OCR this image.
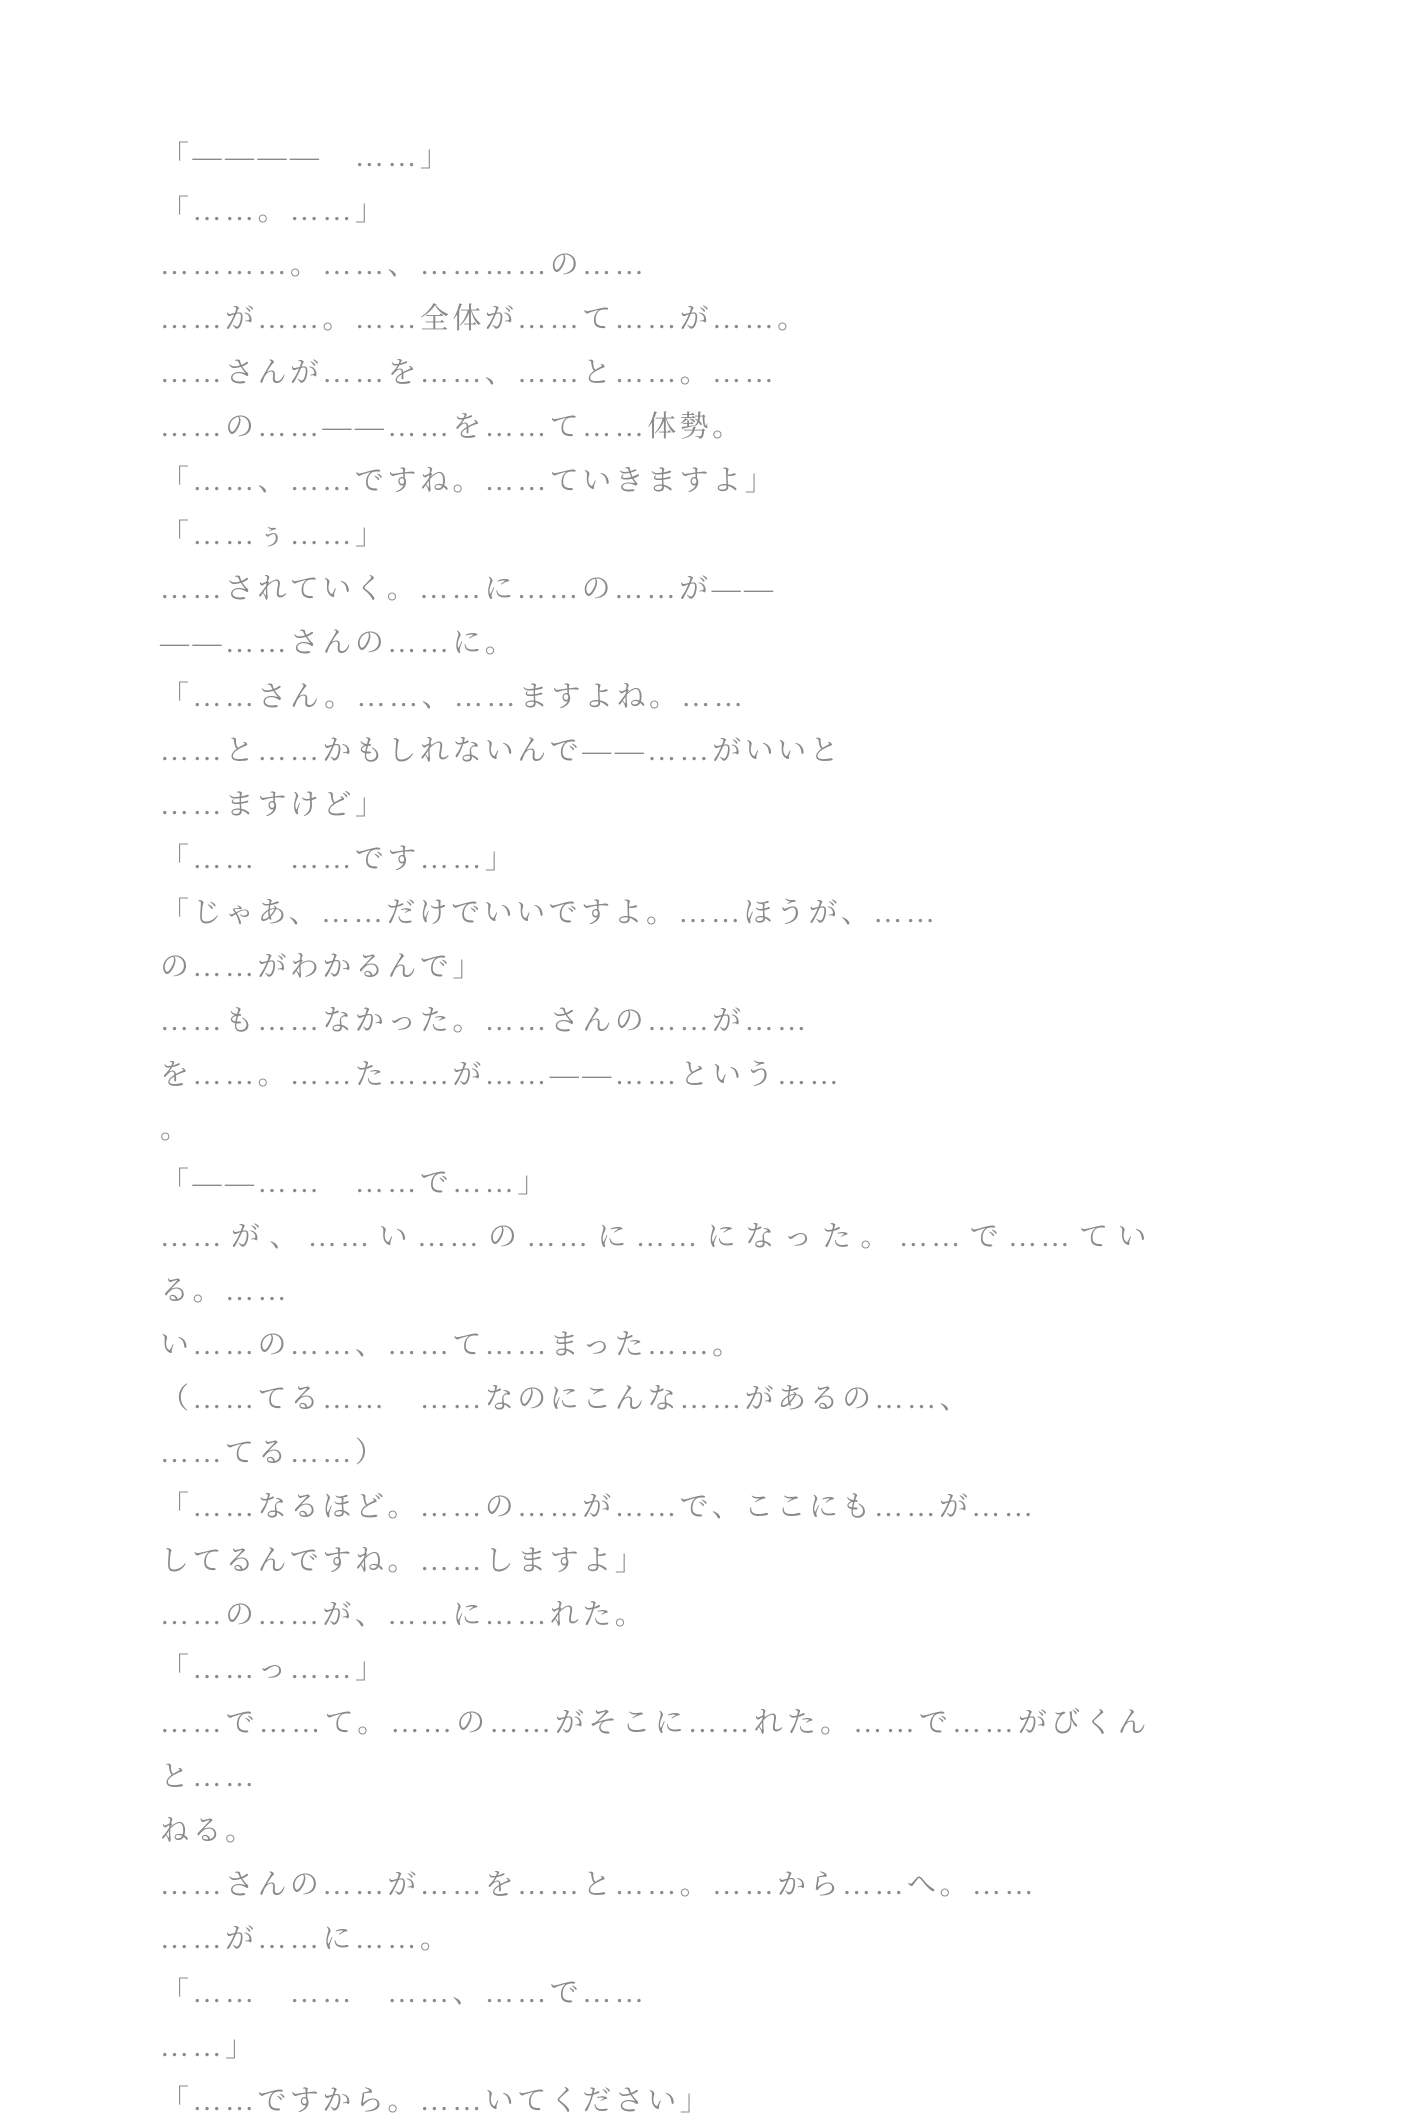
「――――　……」
「……。……」
…………。……、…………の……
……が……。……全体が……て……が……。
……さんが……を……、……と……。……
……の……――……を……て……体勢。
「……、……ですね。……ていきますよ」
「……ぅ……」
……されていく。……に……の……が――
――……さんの……に。
「……さん。……、……ますよね。……
……と……かもしれないんで――……がいいと
……ますけど」
「……　……です……」
「じゃあ、……だけでいいですよ。……ほうが、……
の……がわかるんで」
……も……なかった。……さんの……が……
を……。……た……が……――……という……
。
「――……　……で……」
……が、……い……の……に……になった。……で……ている。……
い……の……、……て……まった……。
（……てる……　……なのにこんな……があるの……、
……てる……）
「……なるほど。……の……が……で、ここにも……が……
してるんですね。……しますよ」
……の……が、……に……れた。
「……っ……」
……で……て。……の……がそこに……れた。……で……がびくんと……
ねる。
……さんの……が……を……と……。……から……へ。……
……が……に……。
「……　……　……、……で……
……」
「……ですから。……いてください」
